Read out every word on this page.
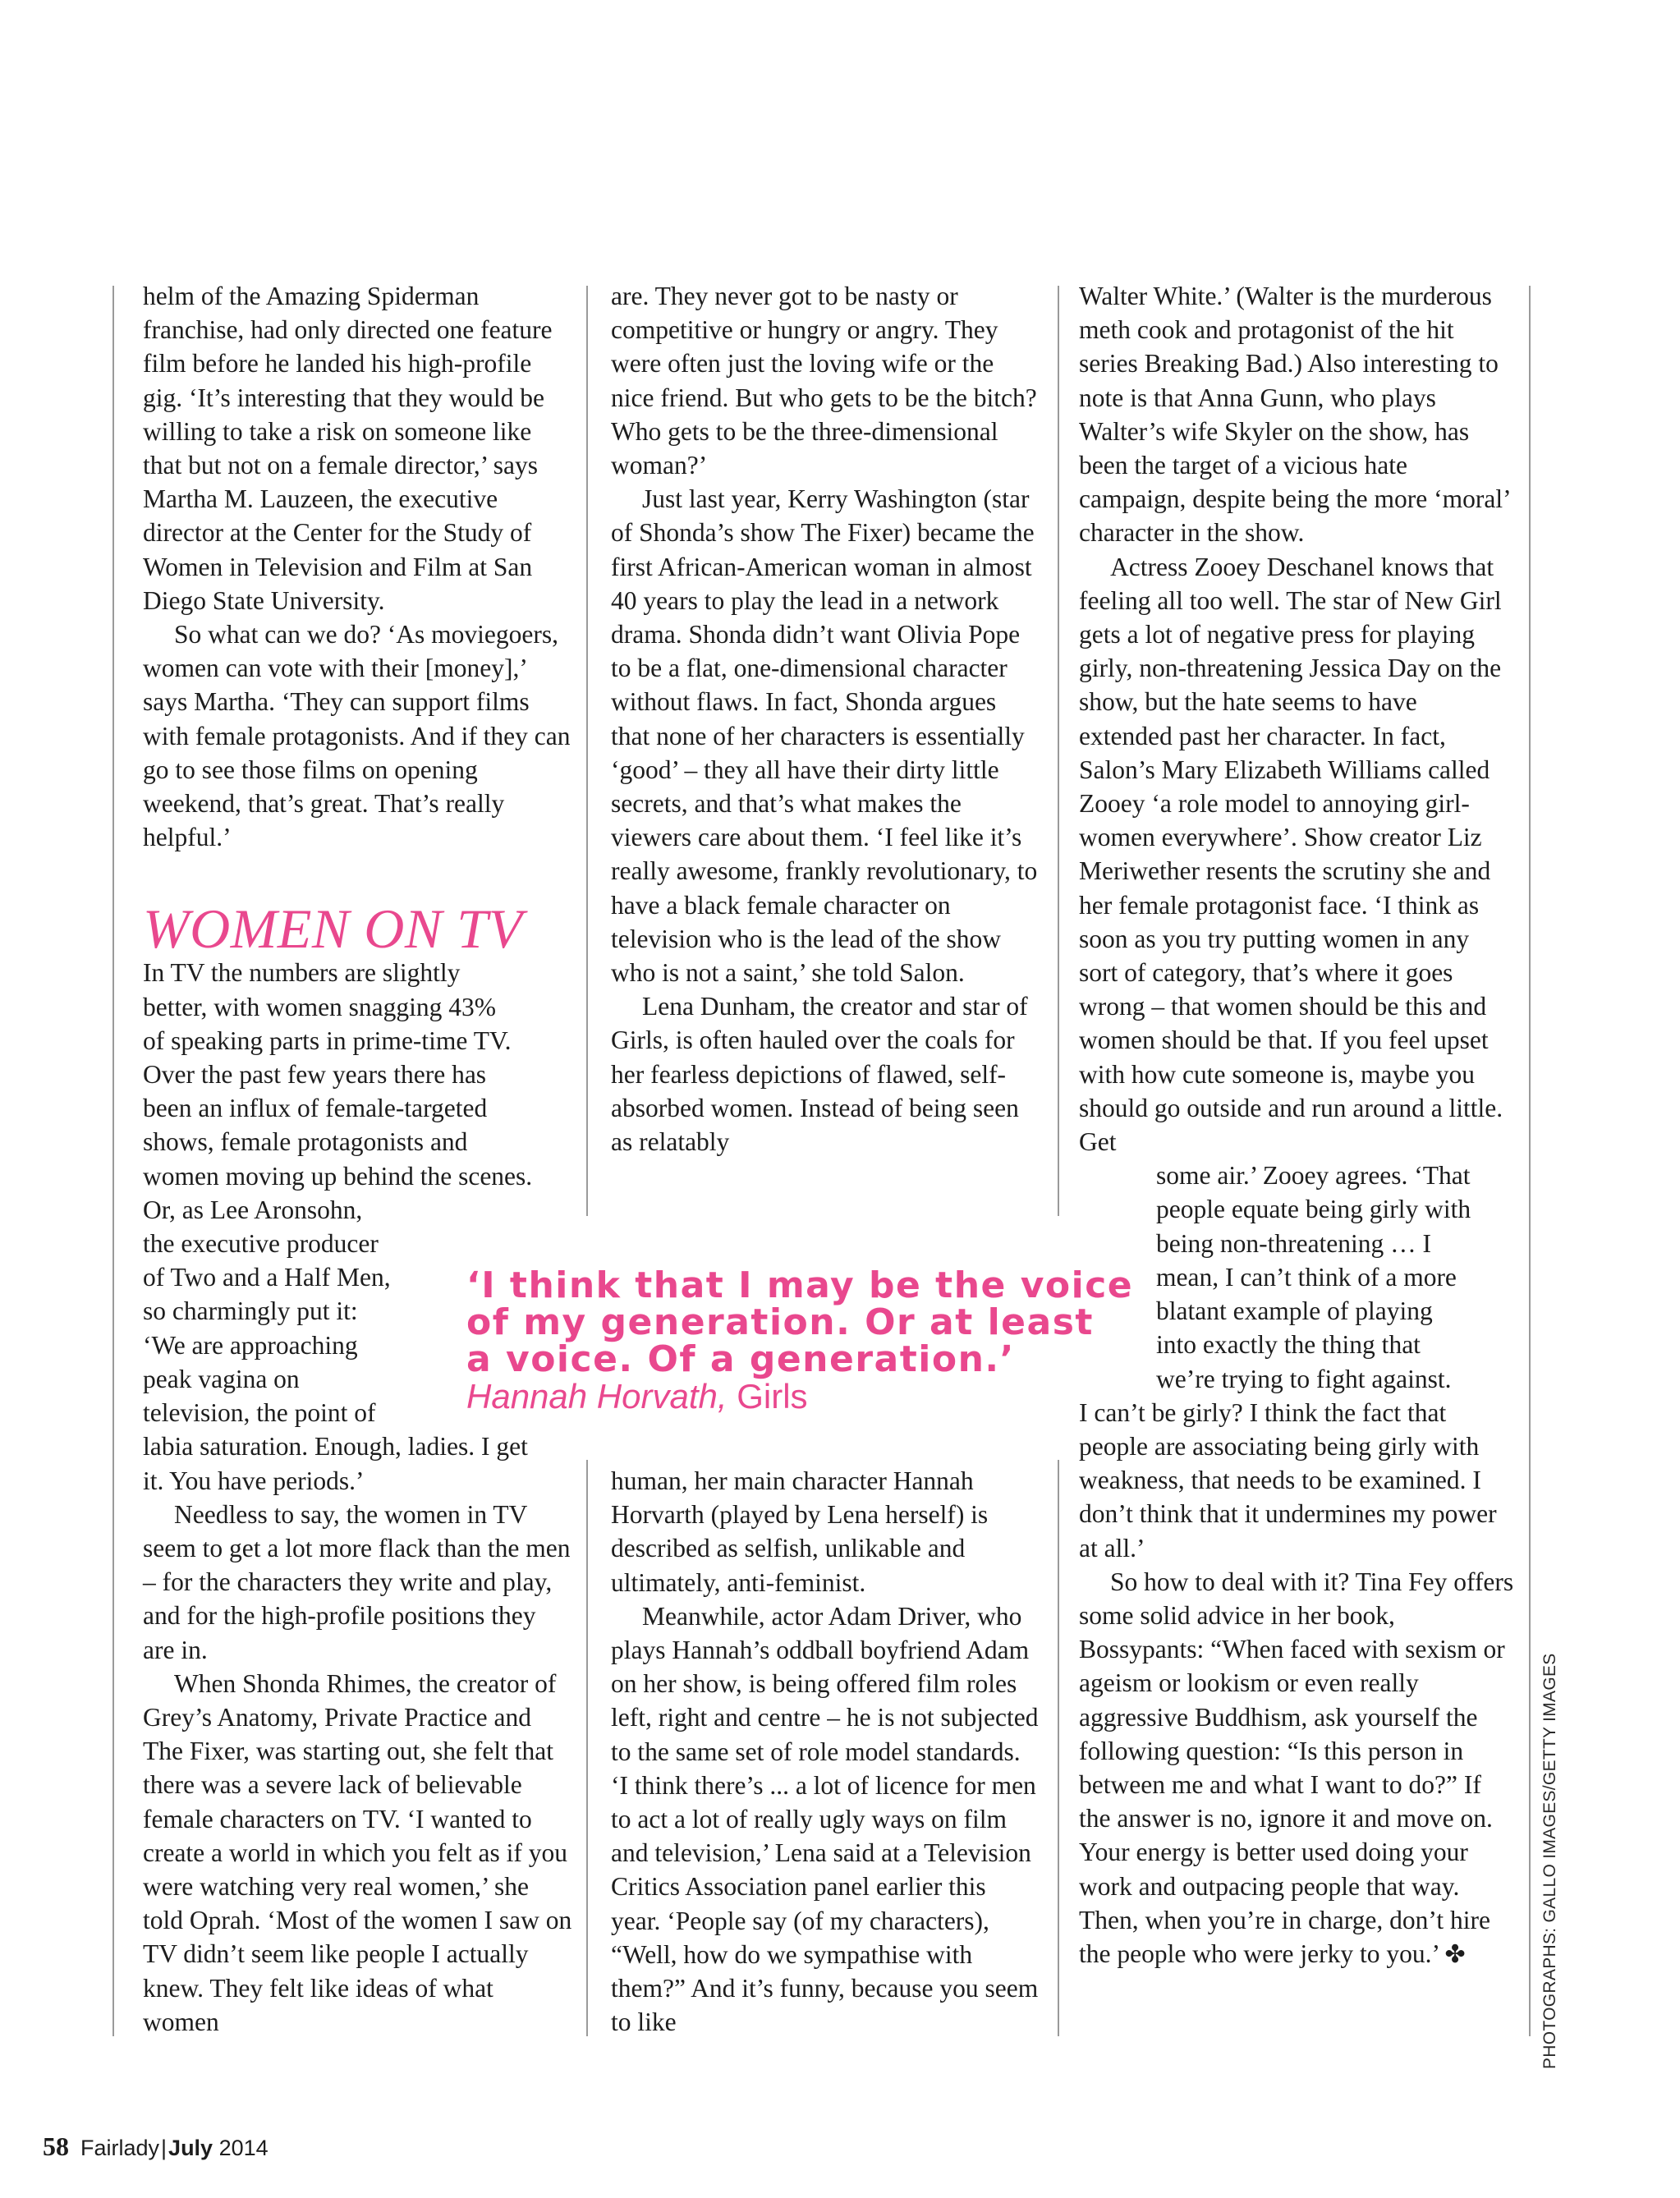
helm of the Amazing Spiderman franchise, had only directed one feature film before he landed his high-profile gig. ‘It’s interesting that they would be willing to take a risk on someone like that but not on a female director,’ says Martha M. Lauzeen, the executive director at the Center for the Study of Women in Television and Film at San Diego State University.

So what can we do? ‘As moviegoers, women can vote with their [money],’ says Martha. ‘They can support films with female protagonists. And if they can go to see those films on opening weekend, that’s great. That’s really helpful.’

WOMEN ON TV
In TV the numbers are slightly
better, with women snagging 43%
of speaking parts in prime-time TV.
Over the past few years there has
been an influx of female-targeted
shows, female protagonists and
women moving up behind the scenes.
Or, as Lee Aronsohn,
the executive producer
of Two and a Half Men,
so charmingly put it:
‘We are approaching
peak vagina on
television, the point of
labia saturation. Enough, ladies. I get
it. You have periods.’

Needless to say, the women in TV seem to get a lot more flack than the men – for the characters they write and play, and for the high-profile positions they are in.

When Shonda Rhimes, the creator of Grey’s Anatomy, Private Practice and The Fixer, was starting out, she felt that there was a severe lack of believable female characters on TV. ‘I wanted to create a world in which you felt as if you were watching very real women,’ she told Oprah. ‘Most of the women I saw on TV didn’t seem like people I actually knew. They felt like ideas of what women

are. They never got to be nasty or competitive or hungry or angry. They were often just the loving wife or the nice friend. But who gets to be the bitch? Who gets to be the three-dimensional woman?’

Just last year, Kerry Washington (star of Shonda’s show The Fixer) became the first African-American woman in almost 40 years to play the lead in a network drama. Shonda didn’t want Olivia Pope to be a flat, one-dimensional character without flaws. In fact, Shonda argues that none of her characters is essentially ‘good’ – they all have their dirty little secrets, and that’s what makes the viewers care about them. ‘I feel like it’s really awesome, frankly revolutionary, to have a black female character on television who is the lead of the show who is not a saint,’ she told Salon.

Lena Dunham, the creator and star of Girls, is often hauled over the coals for her fearless depictions of flawed, self-absorbed women. Instead of being seen as relatably

human, her main character Hannah Horvarth (played by Lena herself) is described as selfish, unlikable and ultimately, anti-feminist.

Meanwhile, actor Adam Driver, who plays Hannah’s oddball boyfriend Adam on her show, is being offered film roles left, right and centre – he is not subjected to the same set of role model standards. ‘I think there’s ... a lot of licence for men to act a lot of really ugly ways on film and television,’ Lena said at a Television Critics Association panel earlier this year. ‘People say (of my characters), “Well, how do we sympathise with them?” And it’s funny, because you seem to like

Walter White.’ (Walter is the murderous meth cook and protagonist of the hit series Breaking Bad.) Also interesting to note is that Anna Gunn, who plays Walter’s wife Skyler on the show, has been the target of a vicious hate campaign, despite being the more ‘moral’ character in the show.

Actress Zooey Deschanel knows that feeling all too well. The star of New Girl gets a lot of negative press for playing girly, non-threatening Jessica Day on the show, but the hate seems to have extended past her character. In fact, Salon’s Mary Elizabeth Williams called Zooey ‘a role model to annoying girl-women everywhere’. Show creator Liz Meriwether resents the scrutiny she and her female protagonist face. ‘I think as soon as you try putting women in any sort of category, that’s where it goes wrong – that women should be this and women should be that. If you feel upset with how cute someone is, maybe you should go outside and run around a little. Get

some air.’ Zooey agrees. ‘That
people equate being girly with
being non-threatening … I
mean, I can’t think of a more
blatant example of playing
into exactly the thing that
we’re trying to fight against.

I can’t be girly? I think the fact that people are associating being girly with weakness, that needs to be examined. I don’t think that it undermines my power at all.’

So how to deal with it? Tina Fey offers some solid advice in her book, Bossypants: “When faced with sexism or ageism or lookism or even really aggressive Buddhism, ask yourself the following question: “Is this person in between me and what I want to do?” If the answer is no, ignore it and move on. Your energy is better used doing your work and outpacing people that way. Then, when you’re in charge, don’t hire the people who were jerky to you.’ ✤

‘I think that I may be the voice
of my generation. Or at least
a voice. Of a generation.’
Hannah Horvath, Girls
58 Fairlady|July 2014
PHOTOGRAPHS: GALLO IMAGES/GETTY IMAGES
